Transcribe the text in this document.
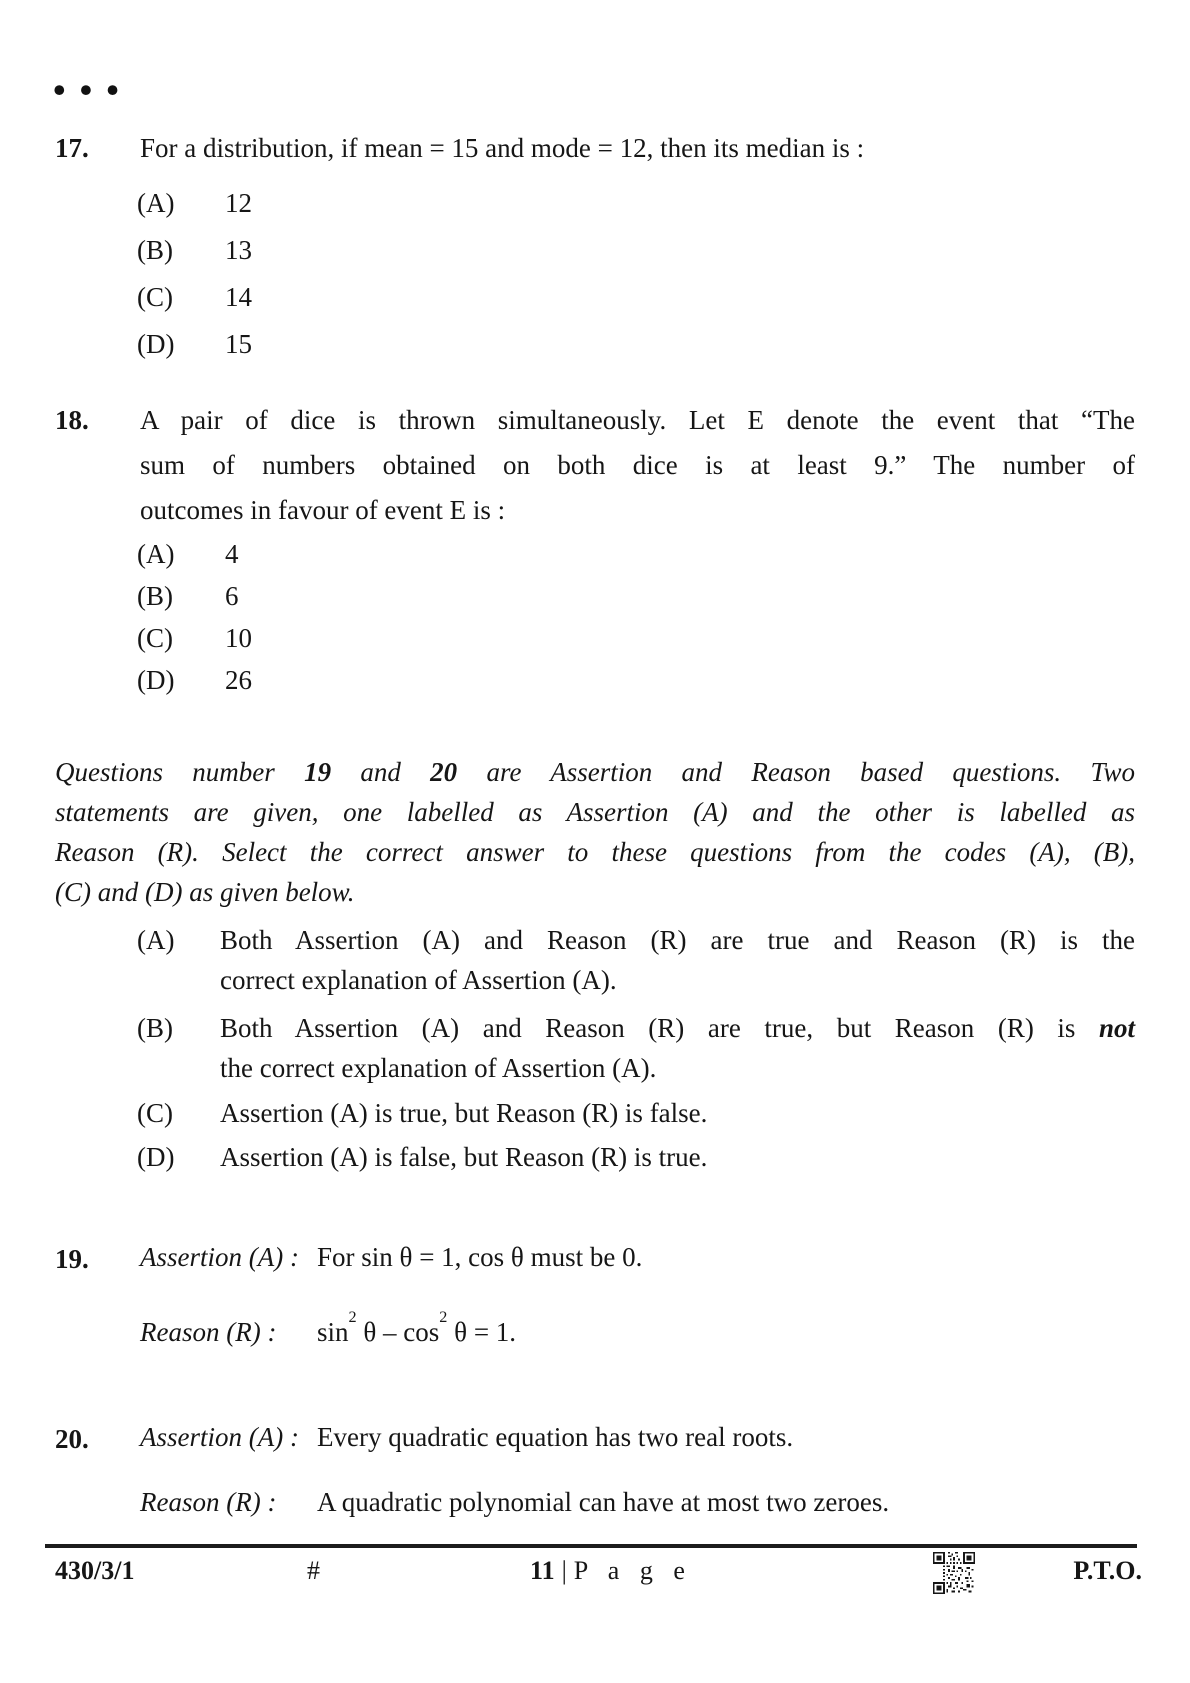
•••
17.	For a distribution, if mean = 15 and mode = 12, then its median is :
(A)	12
(B)	13
(C)	14
(D)	15
18.	A pair of dice is thrown simultaneously. Let E denote the event that “The
sum of numbers obtained on both dice is at least 9.” The number of
outcomes in favour of event E is :
(A)	4
(B)	6
(C)	10
(D)	26
Questions number 19 and 20 are Assertion and Reason based questions. Two
statements are given, one labelled as Assertion (A) and the other is labelled as
Reason (R). Select the correct answer to these questions from the codes (A), (B),
(C) and (D) as given below.
(A)	Both Assertion (A) and Reason (R) are true and Reason (R) is the
correct explanation of Assertion (A).
(B)	Both Assertion (A) and Reason (R) are true, but Reason (R) is not
the correct explanation of Assertion (A).
(C)	Assertion (A) is true, but Reason (R) is false.
(D)	Assertion (A) is false, but Reason (R) is true.
19.	Assertion (A) : For sin θ = 1, cos θ must be 0.
Reason (R) :	$\sin^2 \theta - \cos^2 \theta = 1$.
20.	Assertion (A) : Every quadratic equation has two real roots.
Reason (R) :	A quadratic polynomial can have at most two zeroes.
430/3/1	#	11 | P a g e	P.T.O.
